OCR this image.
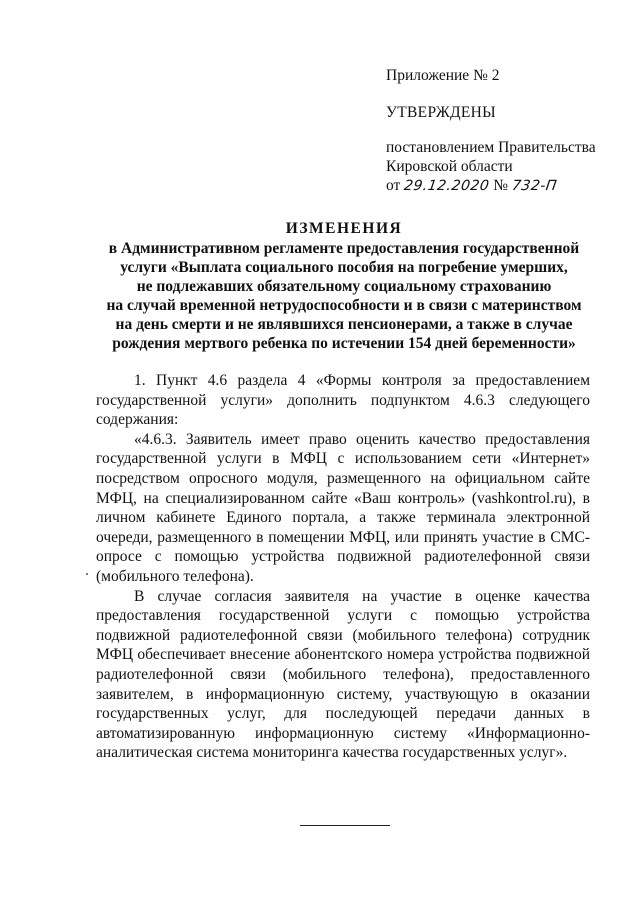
Приложение № 2

УТВЕРЖДЕНЫ

постановлением Правительства
Кировской области
от 29.12.2020 № 732-П
ИЗМЕНЕНИЯ
в Административном регламенте предоставления государственной
услуги «Выплата социального пособия на погребение умерших,
не подлежавших обязательному социальному страхованию
на случай временной нетрудоспособности и в связи с материнством
на день смерти и не являвшихся пенсионерами, а также в случае
рождения мертвого ребенка по истечении 154 дней беременности»

1. Пункт 4.6 раздела 4 «Формы контроля за предоставлением государственной услуги» дополнить подпунктом 4.6.3 следующего содержания:

«4.6.3. Заявитель имеет право оценить качество предоставления государственной услуги в МФЦ с использованием сети «Интернет» посредством опросного модуля, размещенного на официальном сайте МФЦ, на специализированном сайте «Ваш контроль» (vashkontrol.ru), в личном кабинете Единого портала, а также терминала электронной очереди, размещенного в помещении МФЦ, или принять участие в СМС-опросе с помощью устройства подвижной радиотелефонной связи (мобильного телефона).

В случае согласия заявителя на участие в оценке качества предоставления государственной услуги с помощью устройства подвижной радиотелефонной связи (мобильного телефона) сотрудник МФЦ обеспечивает внесение абонентского номера устройства подвижной радиотелефонной связи (мобильного телефона), предоставленного заявителем, в информационную систему, участвующую в оказании государственных услуг, для последующей передачи данных в автоматизированную информационную систему «Информационно-аналитическая система мониторинга качества государственных услуг».
